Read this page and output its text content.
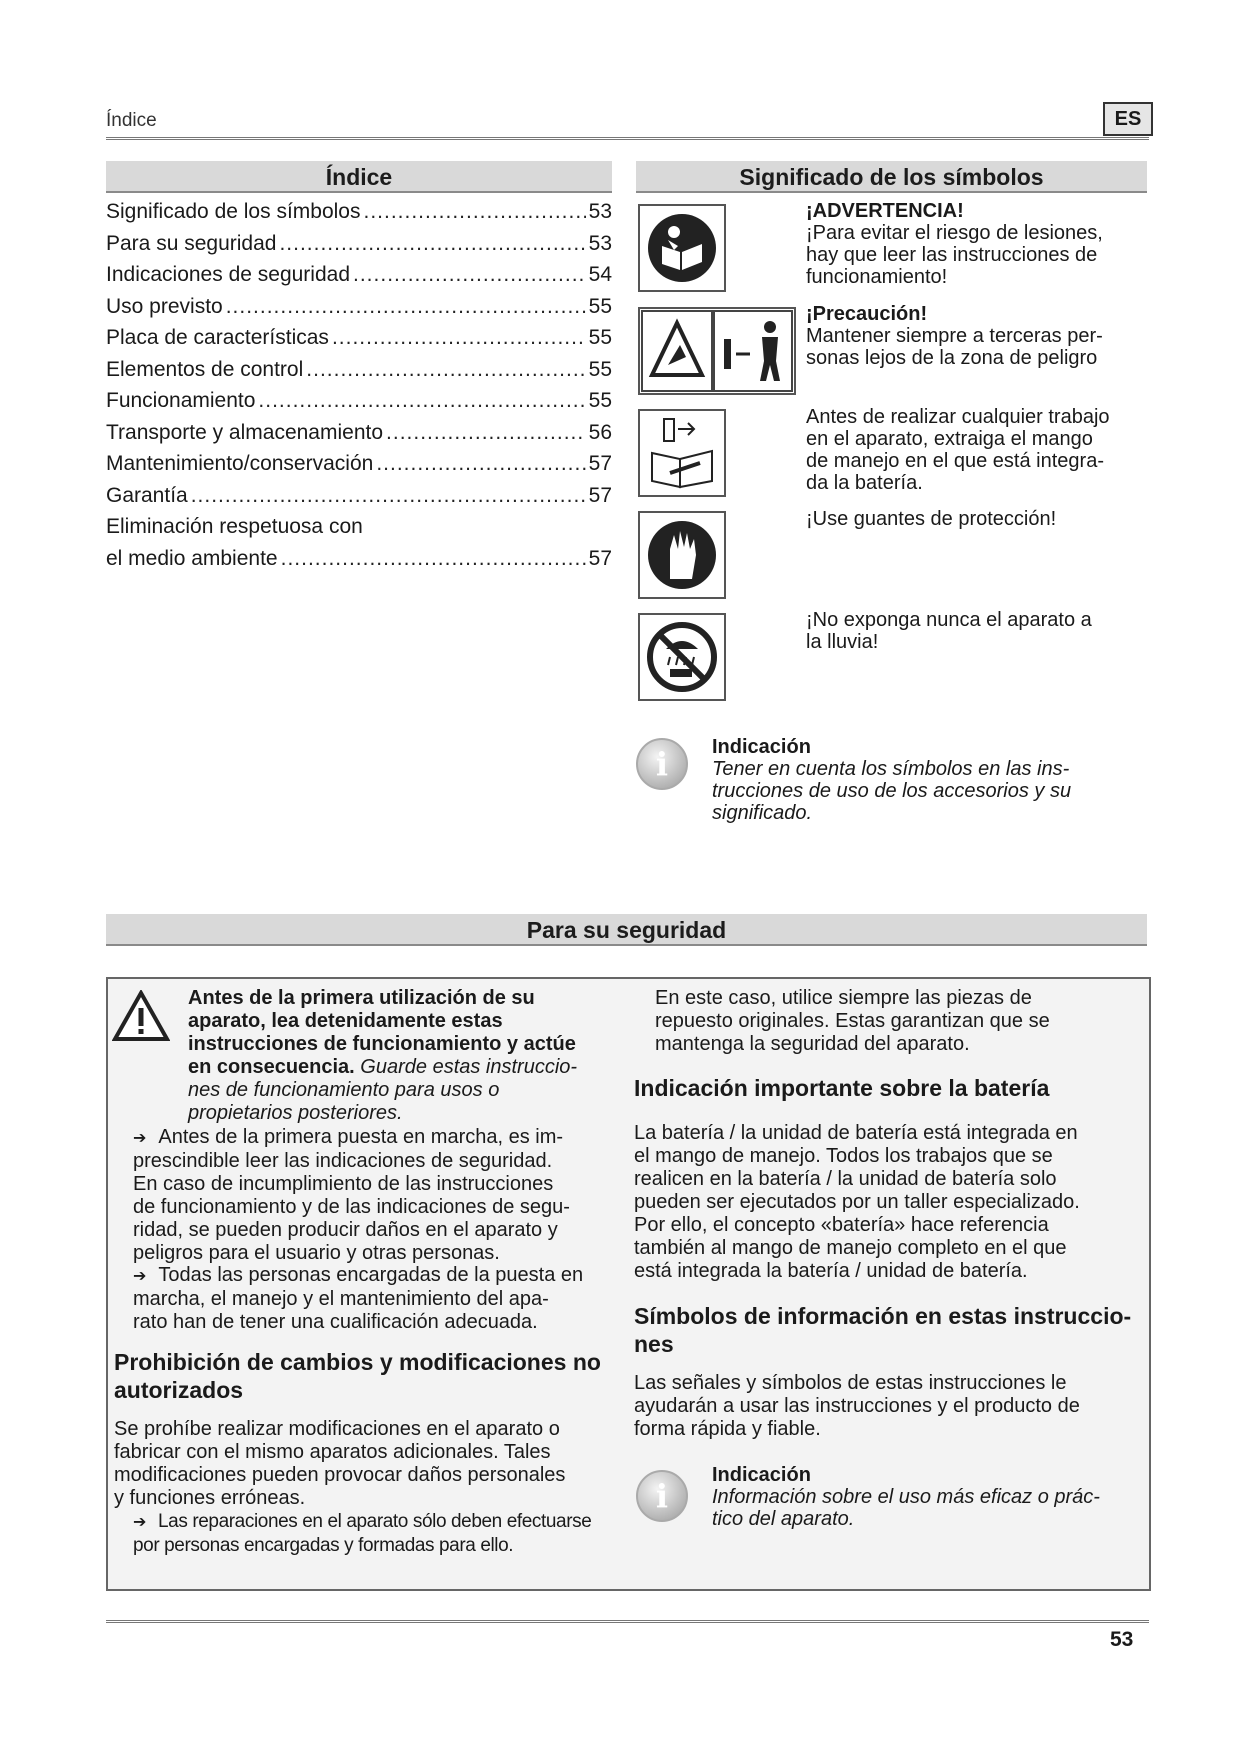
Índice	ES
Índice
Significado de los símbolos .....	53
Para su seguridad .....	53
Indicaciones de seguridad .....	54
Uso previsto .....	55
Placa de características .....	55
Elementos de control .....	55
Funcionamiento .....	55
Transporte y almacenamiento .....	56
Mantenimiento/conservación .....	57
Garantía .....	57
Eliminación respetuosa con
el medio ambiente .....	57
Significado de los símbolos
¡ADVERTENCIA!
¡Para evitar el riesgo de lesiones,
hay que leer las instrucciones de
funcionamiento!
¡Precaución!
Mantener siempre a terceras per-
sonas lejos de la zona de peligro
Antes de realizar cualquier trabajo
en el aparato, extraiga el mango
de manejo en el que está integra-
da la batería.
¡Use guantes de protección!
¡No exponga nunca el aparato a
la lluvia!
i	Indicación
Tener en cuenta los símbolos en las ins-
trucciones de uso de los accesorios y su
significado.
Para su seguridad
Antes de la primera utilización de su
aparato, lea detenidamente estas
instrucciones de funcionamiento y actúe
en consecuencia. Guarde estas instruccio-
nes de funcionamiento para usos o
propietarios posteriores.
➔ Antes de la primera puesta en marcha, es im-
prescindible leer las indicaciones de seguridad.
En caso de incumplimiento de las instrucciones
de funcionamiento y de las indicaciones de segu-
ridad, se pueden producir daños en el aparato y
peligros para el usuario y otras personas.
➔ Todas las personas encargadas de la puesta en
marcha, el manejo y el mantenimiento del apa-
rato han de tener una cualificación adecuada.
Prohibición de cambios y modificaciones no
autorizados
Se prohíbe realizar modificaciones en el aparato o
fabricar con el mismo aparatos adicionales. Tales
modificaciones pueden provocar daños personales
y funciones erróneas.
➔ Las reparaciones en el aparato sólo deben efectuarse
por personas encargadas y formadas para ello.
En este caso, utilice siempre las piezas de
repuesto originales. Estas garantizan que se
mantenga la seguridad del aparato.
Indicación importante sobre la batería
La batería / la unidad de batería está integrada en
el mango de manejo. Todos los trabajos que se
realicen en la batería / la unidad de batería solo
pueden ser ejecutados por un taller especializado.
Por ello, el concepto «batería» hace referencia
también al mango de manejo completo en el que
está integrada la batería / unidad de batería.
Símbolos de información en estas instruccio-
nes
Las señales y símbolos de estas instrucciones le
ayudarán a usar las instrucciones y el producto de
forma rápida y fiable.
i
Indicación
Información sobre el uso más eficaz o prác-
tico del aparato.
53
